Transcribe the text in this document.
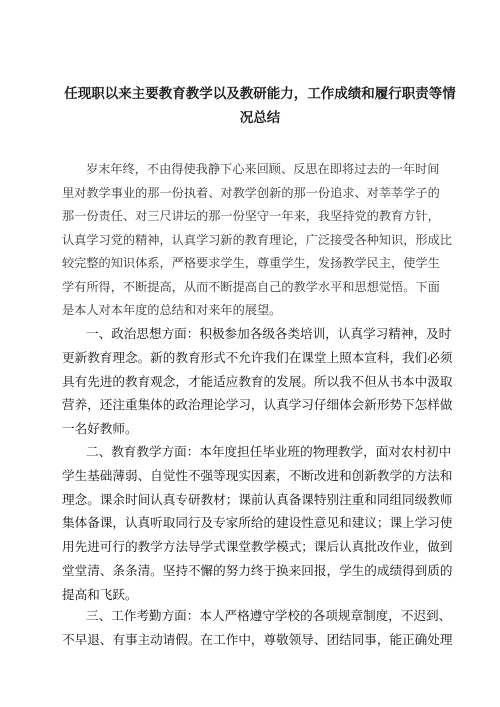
任现职以来主要教育教学以及教研能力，工作成绩和履行职责等情
况总结

岁末年终，不由得使我静下心来回顾、反思在即将过去的一年时间
里对教学事业的那一份执着、对教学创新的那一份追求、对莘莘学子的
那一份责任、对三尺讲坛的那一份坚守一年来，我坚持党的教育方针，
认真学习党的精神，认真学习新的教育理论，广泛接受各种知识，形成比
较完整的知识体系，严格要求学生，尊重学生，发扬教学民主，使学生
学有所得，不断提高，从而不断提高自己的教学水平和思想觉悟。下面
是本人对本年度的总结和对来年的展望。

一、政治思想方面：积极参加各级各类培训，认真学习精神，及时
更新教育理念。新的教育形式不允许我们在课堂上照本宣科，我们必须
具有先进的教育观念，才能适应教育的发展。所以我不但从书本中汲取
营养，还注重集体的政治理论学习，认真学习仔细体会新形势下怎样做
一名好教师。

二、教育教学方面：本年度担任毕业班的物理教学，面对农村初中
学生基础薄弱、自觉性不强等现实因素，不断改进和创新教学的方法和
理念。课余时间认真专研教材；课前认真备课特别注重和同组同级教师
集体备课，认真听取同行及专家所给的建设性意见和建议；课上学习使
用先进可行的教学方法导学式课堂教学模式；课后认真批改作业，做到
堂堂清、条条清。坚持不懈的努力终于换来回报，学生的成绩得到质的
提高和飞跃。

三、工作考勤方面：本人严格遵守学校的各项规章制度，不迟到、
不早退、有事主动请假。在工作中，尊敬领导、团结同事，能正确处理
